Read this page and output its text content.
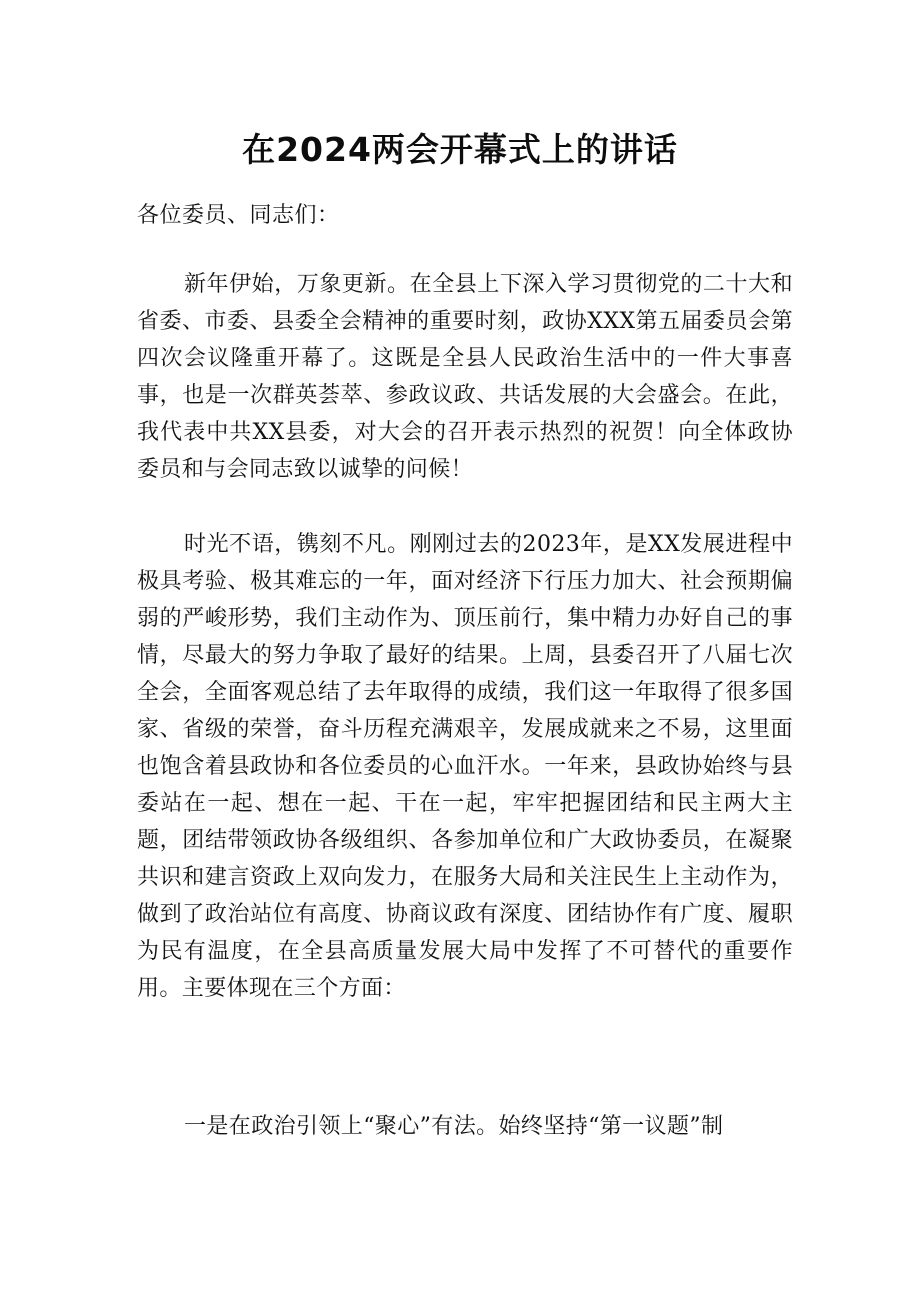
在2024两会开幕式上的讲话
各位委员、同志们：

新年伊始，万象更新。在全县上下深入学习贯彻党的二十大和省委、市委、县委全会精神的重要时刻，政协XXX第五届委员会第四次会议隆重开幕了。这既是全县人民政治生活中的一件大事喜事，也是一次群英荟萃、参政议政、共话发展的大会盛会。在此，我代表中共XX县委，对大会的召开表示热烈的祝贺！向全体政协委员和与会同志致以诚挚的问候！

时光不语，镌刻不凡。刚刚过去的2023年，是XX发展进程中极具考验、极其难忘的一年，面对经济下行压力加大、社会预期偏弱的严峻形势，我们主动作为、顶压前行，集中精力办好自己的事情，尽最大的努力争取了最好的结果。上周，县委召开了八届七次全会，全面客观总结了去年取得的成绩，我们这一年取得了很多国家、省级的荣誉，奋斗历程充满艰辛，发展成就来之不易，这里面也饱含着县政协和各位委员的心血汗水。一年来，县政协始终与县委站在一起、想在一起、干在一起，牢牢把握团结和民主两大主题，团结带领政协各级组织、各参加单位和广大政协委员，在凝聚共识和建言资政上双向发力，在服务大局和关注民生上主动作为，做到了政治站位有高度、协商议政有深度、团结协作有广度、履职为民有温度，在全县高质量发展大局中发挥了不可替代的重要作用。主要体现在三个方面：

一是在政治引领上“聚心”有法。始终坚持“第一议题”制
